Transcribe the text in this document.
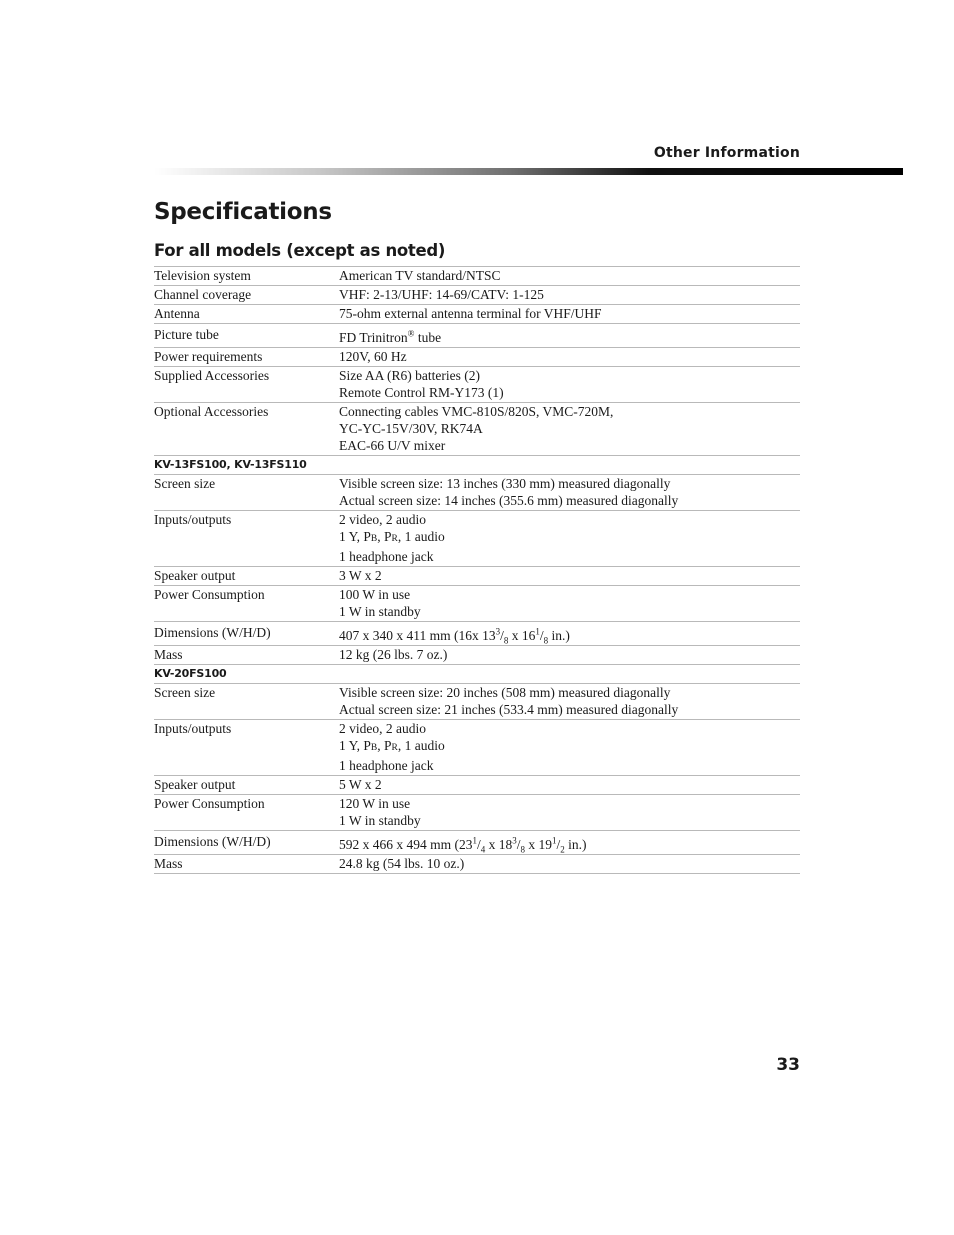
Other Information
Specifications
For all models (except as noted)
Television system	American TV standard/NTSC
Channel coverage	VHF: 2-13/UHF: 14-69/CATV: 1-125
Antenna	75-ohm external antenna terminal for VHF/UHF
Picture tube	FD Trinitron® tube
Power requirements	120V, 60 Hz
Supplied Accessories	Size AA (R6) batteries (2)
Remote Control RM-Y173 (1)
Optional Accessories	Connecting cables VMC-810S/820S, VMC-720M,
YC-YC-15V/30V, RK74A
EAC-66 U/V mixer
KV-13FS100, KV-13FS110
Screen size	Visible screen size: 13 inches (330 mm) measured diagonally
Actual screen size: 14 inches (355.6 mm) measured diagonally
Inputs/outputs	2 video, 2 audio
1 Y, PB, PR, 1 audio
1 headphone jack
Speaker output	3 W x 2
Power Consumption	100 W in use
1 W in standby
Dimensions (W/H/D)	407 x 340 x 411 mm (16x $13^3/_8$ x $16^1/_8$ in.)
Mass	12 kg (26 lbs. 7 oz.)
KV-20FS100
Screen size	Visible screen size: 20 inches (508 mm) measured diagonally
Actual screen size: 21 inches (533.4 mm) measured diagonally
Inputs/outputs	2 video, 2 audio
1 Y, PB, PR, 1 audio
1 headphone jack
Speaker output	5 W x 2
Power Consumption	120 W in use
1 W in standby
Dimensions (W/H/D)	592 x 466 x 494 mm ($23^1/_4$ x $18^3/_8$ x $19^1/_2$ in.)
Mass	24.8 kg (54 lbs. 10 oz.)
33
